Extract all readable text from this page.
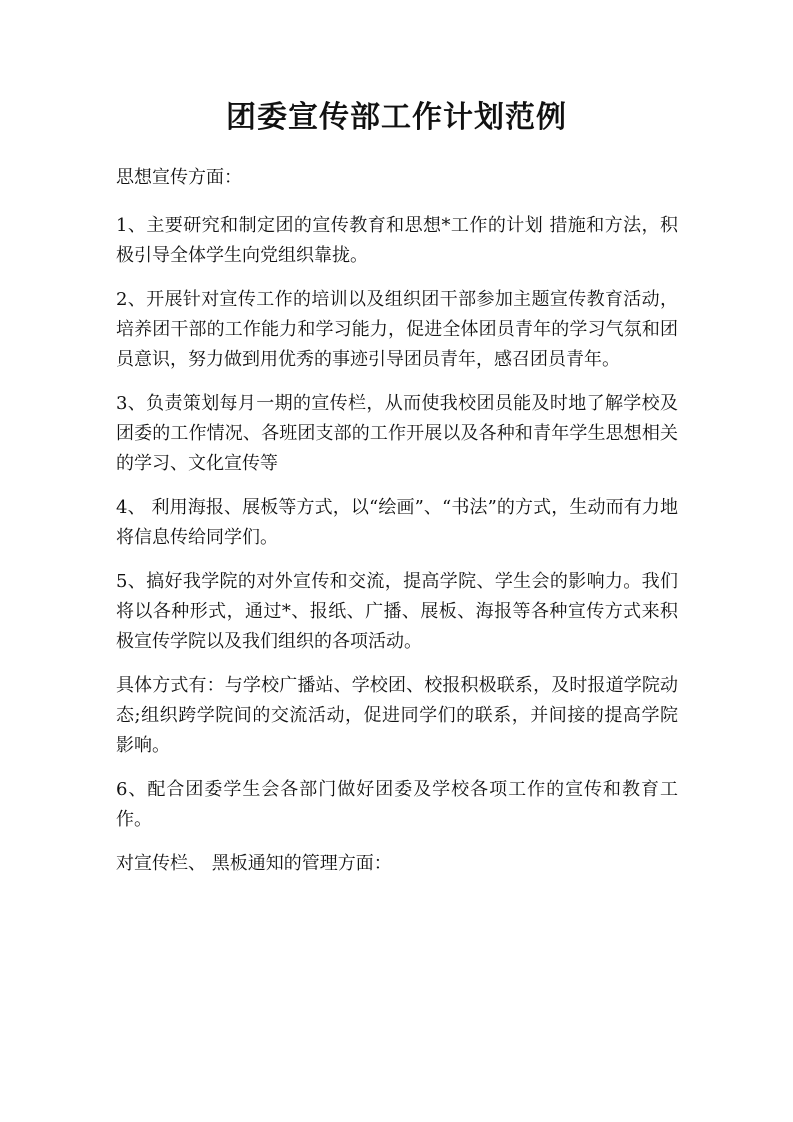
团委宣传部工作计划范例

思想宣传方面：

1、主要研究和制定团的宣传教育和思想*工作的计划 措施和方法，积极引导全体学生向党组织靠拢。

2、开展针对宣传工作的培训以及组织团干部参加主题宣传教育活动，培养团干部的工作能力和学习能力，促进全体团员青年的学习气氛和团员意识，努力做到用优秀的事迹引导团员青年，感召团员青年。

3、负责策划每月一期的宣传栏，从而使我校团员能及时地了解学校及团委的工作情况、各班团支部的工作开展以及各种和青年学生思想相关的学习、文化宣传等

4、 利用海报、展板等方式，以“绘画”、“书法”的方式，生动而有力地将信息传给同学们。

5、搞好我学院的对外宣传和交流，提高学院、学生会的影响力。我们将以各种形式，通过*、报纸、广播、展板、海报等各种宣传方式来积极宣传学院以及我们组织的各项活动。

具体方式有：与学校广播站、学校团、校报积极联系，及时报道学院动态;组织跨学院间的交流活动，促进同学们的联系，并间接的提高学院影响。

6、配合团委学生会各部门做好团委及学校各项工作的宣传和教育工作。

对宣传栏、 黑板通知的管理方面：
